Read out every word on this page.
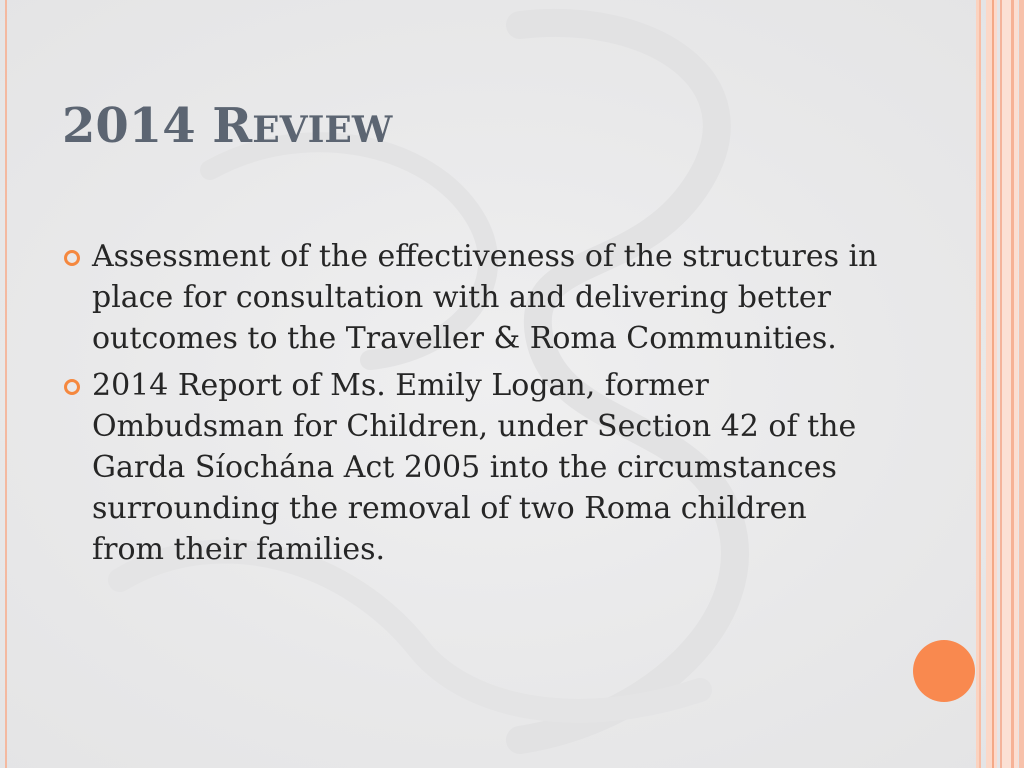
2014 REVIEW
Assessment of the effectiveness of the structures in place for consultation with and delivering better outcomes to the Traveller & Roma Communities.
2014 Report of Ms. Emily Logan, former Ombudsman for Children, under Section 42 of the Garda Síochána Act 2005 into the circumstances surrounding the removal of two Roma children from their families.
